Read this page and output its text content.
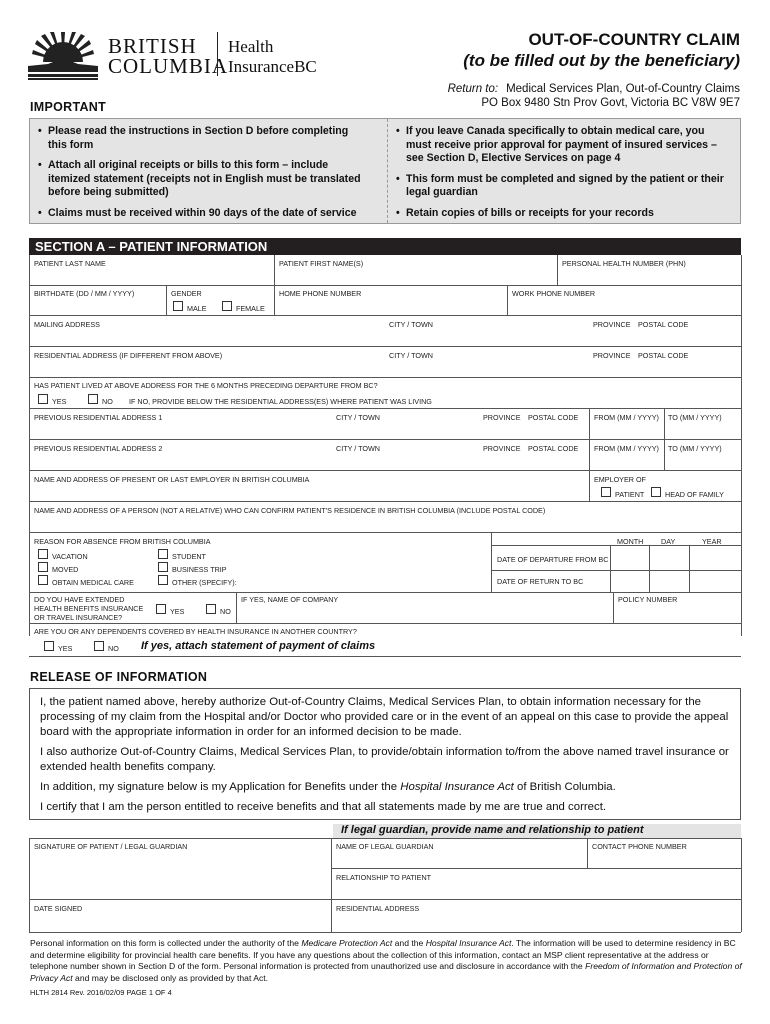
BRITISH
COLUMBIA
Health
InsuranceBC
OUT-OF-COUNTRY CLAIM
(to be filled out by the beneficiary)
Return to: Medical Services Plan, Out-of-Country Claims
PO Box 9480 Stn Prov Govt, Victoria BC V8W 9E7
IMPORTANT
• Please read the instructions in Section D before completing this form
• Attach all original receipts or bills to this form – include itemized statement (receipts not in English must be translated before being submitted)
• Claims must be received within 90 days of the date of service
• If you leave Canada specifically to obtain medical care, you must receive prior approval for payment of insured services – see Section D, Elective Services on page 4
• This form must be completed and signed by the patient or their legal guardian
• Retain copies of bills or receipts for your records
SECTION A – PATIENT INFORMATION
PATIENT LAST NAME	PATIENT FIRST NAME(S)	PERSONAL HEALTH NUMBER (PHN)
BIRTHDATE (DD / MM / YYYY)	GENDER
MALE	FEMALE
HOME PHONE NUMBER	WORK PHONE NUMBER
MAILING ADDRESS	CITY / TOWN	PROVINCE POSTAL CODE
RESIDENTIAL ADDRESS (IF DIFFERENT FROM ABOVE)	CITY / TOWN	PROVINCE POSTAL CODE
HAS PATIENT LIVED AT ABOVE ADDRESS FOR THE 6 MONTHS PRECEDING DEPARTURE FROM BC?
YES	NO IF NO, PROVIDE BELOW THE RESIDENTIAL ADDRESS(ES) WHERE PATIENT WAS LIVING
PREVIOUS RESIDENTIAL ADDRESS 1	CITY / TOWN	PROVINCE POSTAL CODE FROM (MM / YYYY) TO (MM / YYYY)
PREVIOUS RESIDENTIAL ADDRESS 2	CITY / TOWN	PROVINCE POSTAL CODE FROM (MM / YYYY) TO (MM / YYYY)
NAME AND ADDRESS OF PRESENT OR LAST EMPLOYER IN BRITISH COLUMBIA	EMPLOYER OF
PATIENT	HEAD OF FAMILY
NAME AND ADDRESS OF A PERSON (NOT A RELATIVE) WHO CAN CONFIRM PATIENT'S RESIDENCE IN BRITISH COLUMBIA (INCLUDE POSTAL CODE)
REASON FOR ABSENCE FROM BRITISH COLUMBIA
VACATION
MOVED
OBTAIN MEDICAL CARE
STUDENT
BUSINESS TRIP
OTHER (SPECIFY):
MONTH DAY	YEAR
DATE OF DEPARTURE FROM BC
DATE OF RETURN TO BC
DO YOU HAVE EXTENDED
HEALTH BENEFITS INSURANCE
OR TRAVEL INSURANCE?
YES	NO
IF YES, NAME OF COMPANY	POLICY NUMBER
ARE YOU OR ANY DEPENDENTS COVERED BY HEALTH INSURANCE IN ANOTHER COUNTRY?
YES	NO If yes, attach statement of payment of claims
RELEASE OF INFORMATION

I, the patient named above, hereby authorize Out-of-Country Claims, Medical Services Plan, to obtain information necessary for the processing of my claim from the Hospital and/or Doctor who provided care or in the event of an appeal on this case to provide the appeal board with the appropriate information in order for an informed decision to be made.

I also authorize Out-of-Country Claims, Medical Services Plan, to provide/obtain information to/from the above named travel insurance or extended health benefits company.

In addition, my signature below is my Application for Benefits under the Hospital Insurance Act of British Columbia.

I certify that I am the person entitled to receive benefits and that all statements made by me are true and correct.

If legal guardian, provide name and relationship to patient
SIGNATURE OF PATIENT / LEGAL GUARDIAN	NAME OF LEGAL GUARDIAN	CONTACT PHONE NUMBER
RELATIONSHIP TO PATIENT
DATE SIGNED	RESIDENTIAL ADDRESS
Personal information on this form is collected under the authority of the Medicare Protection Act and the Hospital Insurance Act. The information will be used to determine residency in BC and determine eligibility for provincial health care benefits. If you have any questions about the collection of this information, contact an MSP client representative at the address or telephone number shown in Section D of the form. Personal information is protected from unauthorized use and disclosure in accordance with the Freedom of Information and Protection of Privacy Act and may be disclosed only as provided by that Act.
HLTH 2814 Rev. 2016/02/09 PAGE 1 OF 4
